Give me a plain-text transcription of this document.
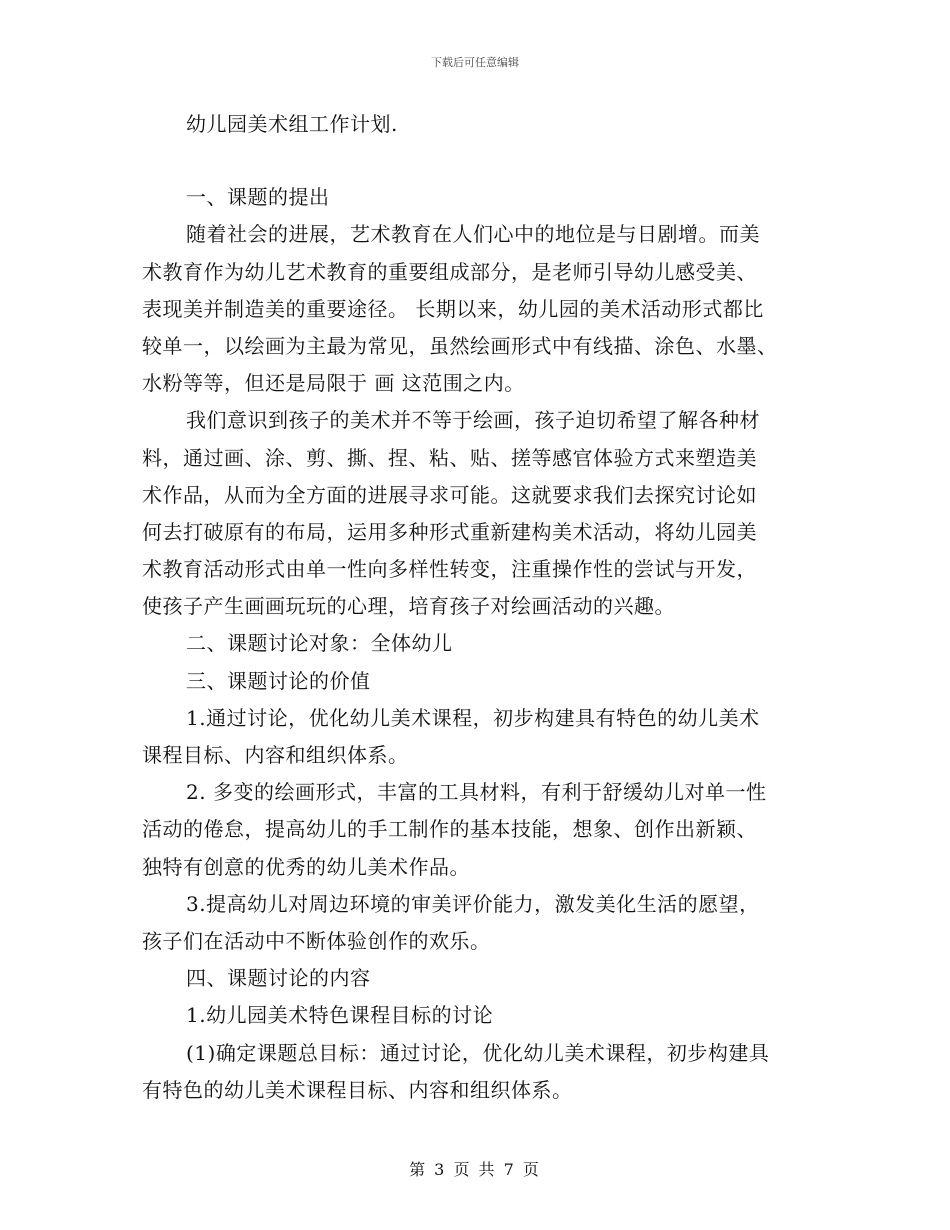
下载后可任意编辑
幼儿园美术组工作计划.
一、课题的提出
随着社会的进展，艺术教育在人们心中的地位是与日剧增。而美
术教育作为幼儿艺术教育的重要组成部分，是老师引导幼儿感受美、
表现美并制造美的重要途径。 长期以来，幼儿园的美术活动形式都比
较单一，以绘画为主最为常见，虽然绘画形式中有线描、涂色、水墨、
水粉等等，但还是局限于 画 这范围之内。
我们意识到孩子的美术并不等于绘画，孩子迫切希望了解各种材
料，通过画、涂、剪、撕、捏、粘、贴、搓等感官体验方式来塑造美
术作品，从而为全方面的进展寻求可能。这就要求我们去探究讨论如
何去打破原有的布局，运用多种形式重新建构美术活动，将幼儿园美
术教育活动形式由单一性向多样性转变，注重操作性的尝试与开发，
使孩子产生画画玩玩的心理，培育孩子对绘画活动的兴趣。
二、课题讨论对象：全体幼儿
三、课题讨论的价值
1.通过讨论，优化幼儿美术课程，初步构建具有特色的幼儿美术
课程目标、内容和组织体系。
2. 多变的绘画形式，丰富的工具材料，有利于舒缓幼儿对单一性
活动的倦怠，提高幼儿的手工制作的基本技能，想象、创作出新颖、
独特有创意的优秀的幼儿美术作品。
3.提高幼儿对周边环境的审美评价能力，激发美化生活的愿望，
孩子们在活动中不断体验创作的欢乐。
四、课题讨论的内容
1.幼儿园美术特色课程目标的讨论
(1)确定课题总目标：通过讨论，优化幼儿美术课程，初步构建具
有特色的幼儿美术课程目标、内容和组织体系。
第 3 页 共 7 页
